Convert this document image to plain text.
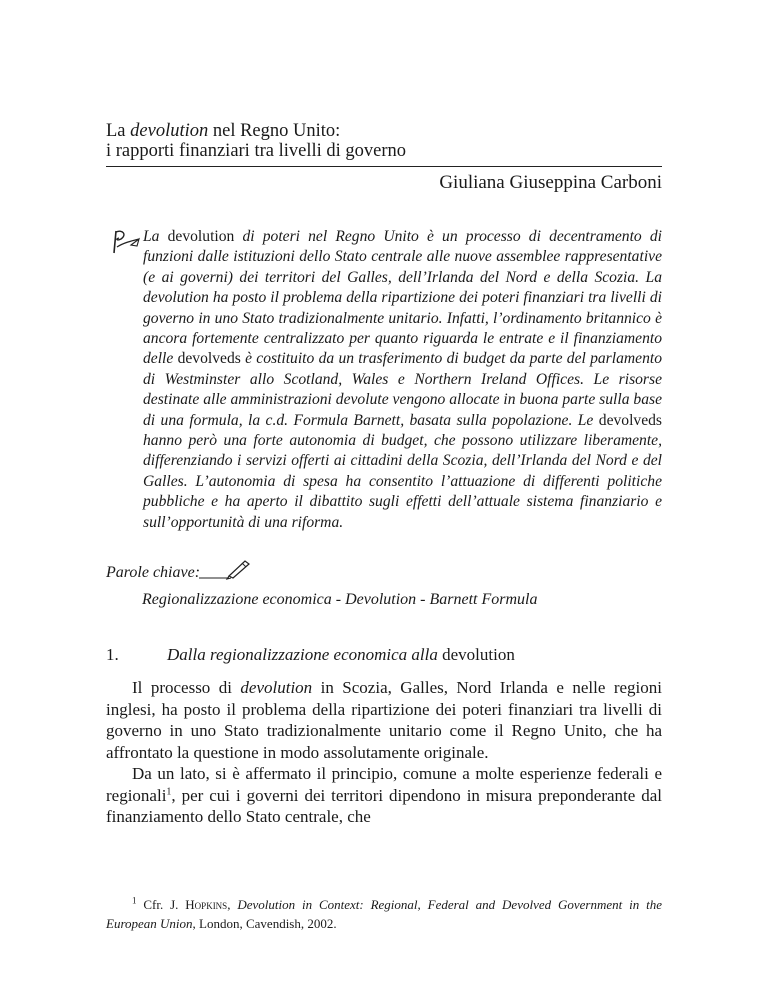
La devolution nel Regno Unito:
i rapporti finanziari tra livelli di governo
Giuliana Giuseppina Carboni

La devolution di poteri nel Regno Unito è un processo di decentramento di funzioni dalle istituzioni dello Stato centrale alle nuove assemblee rappresentative (e ai governi) dei territori del Galles, dell’Irlanda del Nord e della Scozia. La devolution ha posto il problema della ripartizione dei poteri finanziari tra livelli di governo in uno Stato tradizionalmente unitario. Infatti, l’ordinamento britannico è ancora fortemente centralizzato per quanto riguarda le entrate e il finanziamento delle devolveds è costituito da un trasferimento di budget da parte del parlamento di Westminster allo Scotland, Wales e Northern Ireland Offices. Le risorse destinate alle amministrazioni devolute vengono allocate in buona parte sulla base di una formula, la c.d. Formula Barnett, basata sulla popolazione. Le devolveds hanno però una forte autonomia di budget, che possono utilizzare liberamente, differenziando i servizi offerti ai cittadini della Scozia, dell’Irlanda del Nord e del Galles. L’autonomia di spesa ha consentito l’attuazione di differenti politiche pubbliche e ha aperto il dibattito sugli effetti dell’attuale sistema finanziario e sull’opportunità di una riforma.

Parole chiave:
Regionalizzazione economica - Devolution - Barnett Formula
1.	Dalla regionalizzazione economica alla devolution

Il processo di devolution in Scozia, Galles, Nord Irlanda e nelle regioni inglesi, ha posto il problema della ripartizione dei poteri finanziari tra livelli di governo in uno Stato tradizionalmente unitario come il Regno Unito, che ha affrontato la questione in modo assolutamente originale.

Da un lato, si è affermato il principio, comune a molte esperienze federali e regionali$^1$, per cui i governi dei territori dipendono in misura preponderante dal finanziamento dello Stato centrale, che

$^1$ Cfr. J. Hopkins, Devolution in Context: Regional, Federal and Devolved Government in the European Union, London, Cavendish, 2002.
